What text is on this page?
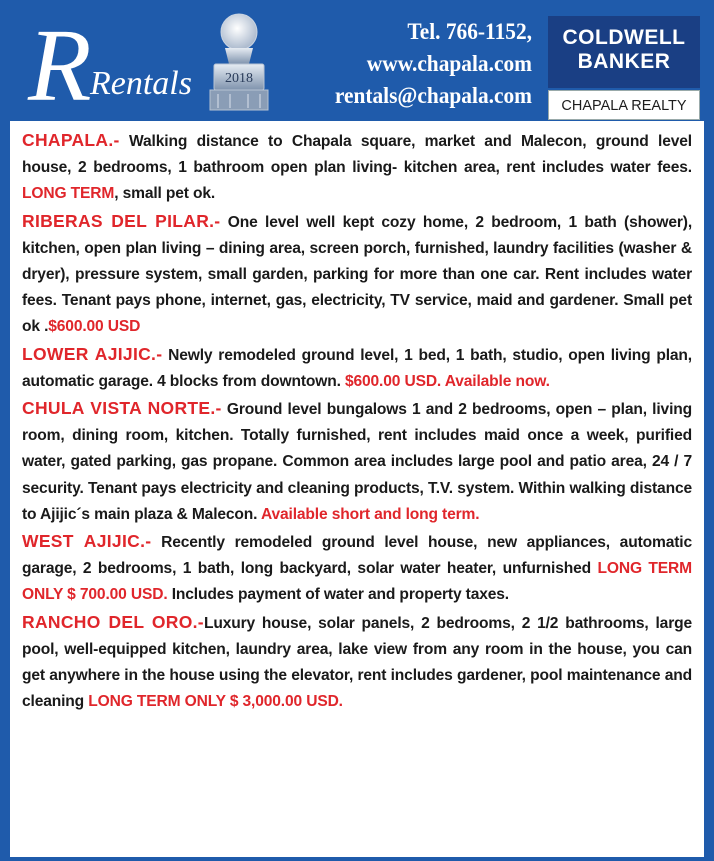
R
Rentals 2018
Tel. 766-1152,
www.chapala.com
rentals@chapala.com
COLDWELL
BANKER
CHAPALA REALTY

CHAPALA.- Walking distance to Chapala square, market and Malecon, ground level house, 2 bedrooms, 1 bathroom open plan living- kitchen area, rent includes water fees. LONG TERM, small pet ok.

RIBERAS DEL PILAR.- One level well kept cozy home, 2 bedroom, 1 bath (shower), kitchen, open plan living – dining area, screen porch, furnished, laundry facilities (washer & dryer), pressure system, small garden, parking for more than one car. Rent includes water fees. Tenant pays phone, internet, gas, electricity, TV service, maid and gardener. Small pet ok .$600.00 USD

LOWER AJIJIC.- Newly remodeled ground level, 1 bed, 1 bath, studio, open living plan, automatic garage. 4 blocks from downtown. $600.00 USD. Available now.

CHULA VISTA NORTE.- Ground level bungalows 1 and 2 bedrooms, open – plan, living room, dining room, kitchen. Totally furnished, rent includes maid once a week, purified water, gated parking, gas propane. Common area includes large pool and patio area, 24 / 7 security. Tenant pays electricity and cleaning products, T.V. system. Within walking distance to Ajijic´s main plaza & Malecon. Available short and long term.

WEST AJIJIC.- Recently remodeled ground level house, new appliances, automatic garage, 2 bedrooms, 1 bath, long backyard, solar water heater, unfurnished LONG TERM ONLY $ 700.00 USD. Includes payment of water and property taxes.

RANCHO DEL ORO.-Luxury house, solar panels, 2 bedrooms, 2 1/2 bathrooms, large pool, well-equipped kitchen, laundry area, lake view from any room in the house, you can get anywhere in the house using the elevator, rent includes gardener, pool maintenance and cleaning LONG TERM ONLY $ 3,000.00 USD.
